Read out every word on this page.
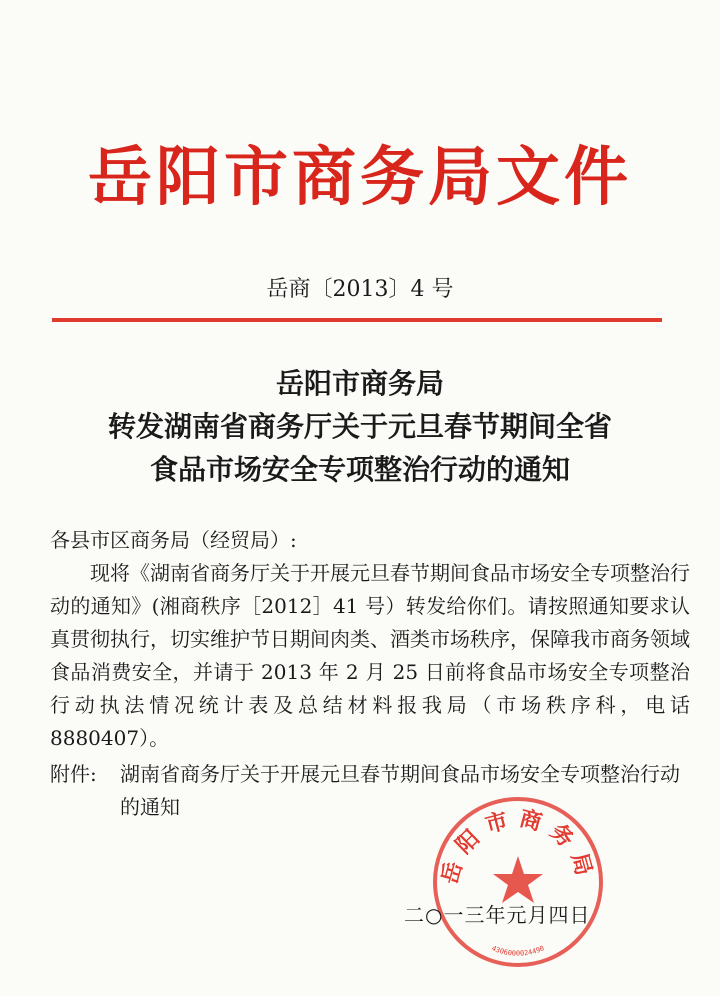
岳阳市商务局文件
岳商〔2013〕4 号
岳阳市商务局
转发湖南省商务厅关于元旦春节期间全省
食品市场安全专项整治行动的通知
各县市区商务局（经贸局）:
现将《湖南省商务厅关于开展元旦春节期间食品市场安全专项整治行动的通知》(湘商秩序［2012］41 号）转发给你们。请按照通知要求认真贯彻执行，切实维护节日期间肉类、酒类市场秩序，保障我市商务领域食品消费安全，并请于 2013 年 2 月 25 日前将食品市场安全专项整治行动执法情况统计表及总结材料报我局（市场秩序科，电话 8880407）。
附件: 湖南省商务厅关于开展元旦春节期间食品市场安全专项整治行动的通知
岳阳市商务局
4306000024490
二○一三年元月四日
